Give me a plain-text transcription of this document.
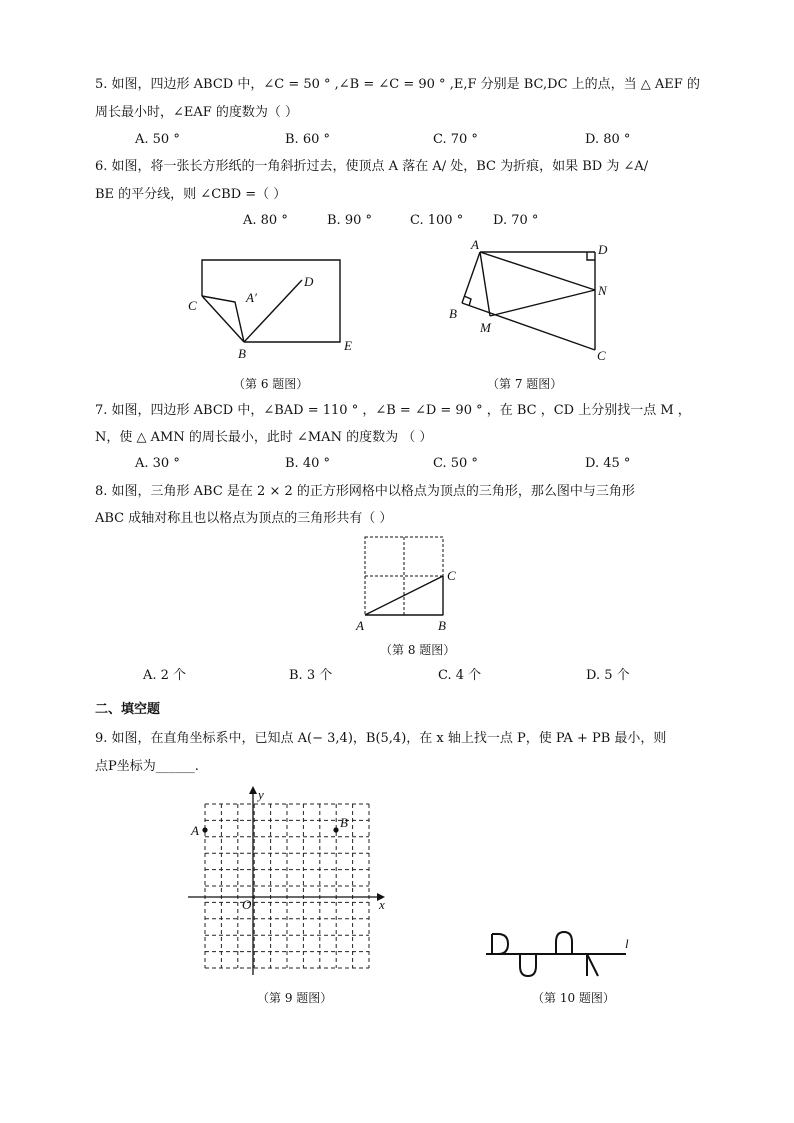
5. 如图，四边形 ABCD 中，∠C = 50 ° ,∠B = ∠C = 90 ° ,E,F 分别是 BC,DC 上的点，当 △ AEF 的
周长最小时，∠EAF 的度数为（ ）
A. 50 °	B. 60 °	C. 70 °	D. 80 °
6. 如图，将一张长方形纸的一角斜折过去，使顶点 A 落在 A/ 处，BC 为折痕，如果 BD 为 ∠A/
BE 的平分线，则 ∠CBD =（ ）
A. 80 °	B. 90 °	C. 100 ° D. 70 °
C
A′
D
B
E
（第 6 题图）
A	D
N
B
M
C
（第 7 题图）
7. 如图，四边形 ABCD 中，∠BAD = 110 ° ，∠B = ∠D = 90 ° ，在 BC ，CD 上分别找一点 M ，
N，使 △ AMN 的周长最小，此时 ∠MAN 的度数为 （ ）
A. 30 °	B. 40 °	C. 50 °	D. 45 °
8. 如图，三角形 ABC 是在 2 × 2 的正方形网格中以格点为顶点的三角形，那么图中与三角形
ABC 成轴对称且也以格点为顶点的三角形共有（ ）
A	B
C
（第 8 题图）
A. 2 个	B. 3 个	C. 4 个	D. 5 个
二、填空题
9. 如图，在直角坐标系中，已知点 A(− 3,4)，B(5,4)，在 x 轴上找一点 P，使 PA + PB 最小，则
点P坐标为______.
A
B
O	x
y
（第 9 题图）
l
（第 10 题图）
